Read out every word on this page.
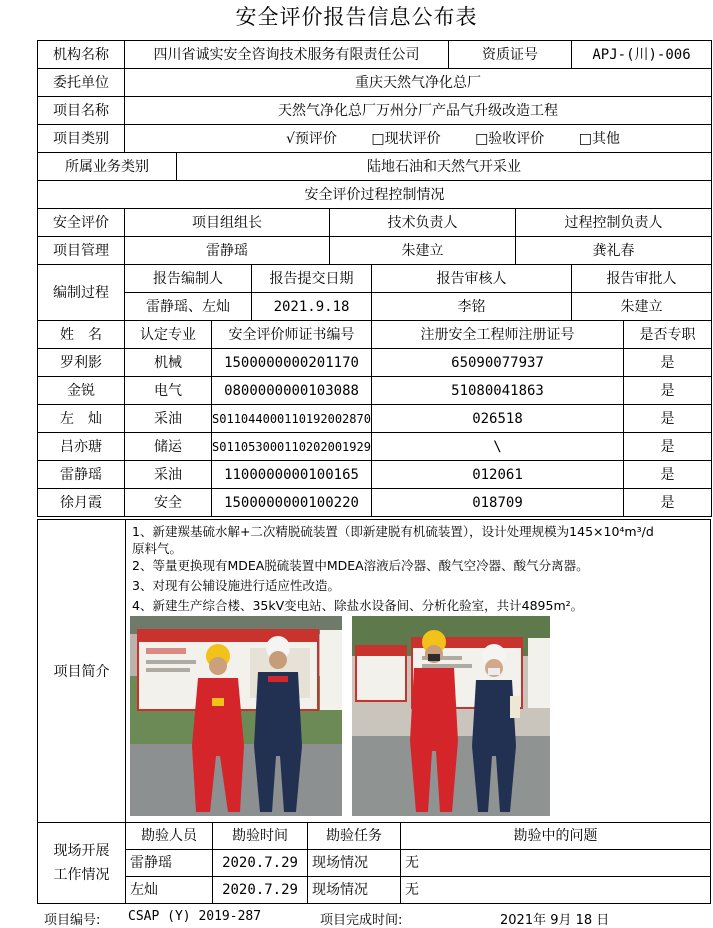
安全评价报告信息公布表
机构名称	四川省诚实安全咨询技术服务有限责任公司						资质证号		APJ-(川)-006	
委托单位	重庆天然气净化总厂									
项目名称	天然气净化总厂万州分厂产品气升级改造工程									
项目类别	√预评价 □现状评价 □验收评价 □其他									
所属业务类别		陆地石油和天然气开采业								
安全评价过程控制情况										
安全评价	项目组组长				技术负责人			过程控制负责人		
项目管理	雷静瑶				朱建立			龚礼春		
编制过程	报告编制人			报告提交日期		报告审核人			报告审批人	
	雷静瑶、左灿			2021.9.18		李铭			朱建立	
姓　名	认定专业		安全评价师证书编号			注册安全工程师注册证号				是否专职
罗利影	机械		1500000000201170			65090077937				是
金锐	电气		0800000000103088			51080041863				是
左　灿	采油		S011044000110192002870			026518				是
吕亦瑭	储运		S011053000110202001929			\				是
雷静瑶	采油		1100000000100165			012061				是
徐月霞	安全		1500000000100220			018709				是
项目简介
1、新建羰基硫水解+二次精脱硫装置（即新建脱有机硫装置），设计处理规模为145×10⁴m³/d
原料气。
2、等量更换现有MDEA脱硫装置中MDEA溶液后冷器、酸气空冷器、酸气分离器。
3、对现有公辅设施进行适应性改造。
4、新建生产综合楼、35kV变电站、除盐水设备间、分析化验室，共计4895m²。
现场开展
工作情况
勘验人员	勘验时间	勘验任务	勘验中的问题
雷静瑶	2020.7.29	现场情况	无
左灿	2020.7.29	现场情况	无
项目编号: CSAP (Y) 2019-287	项目完成时间:	2021年 9月 18 日
